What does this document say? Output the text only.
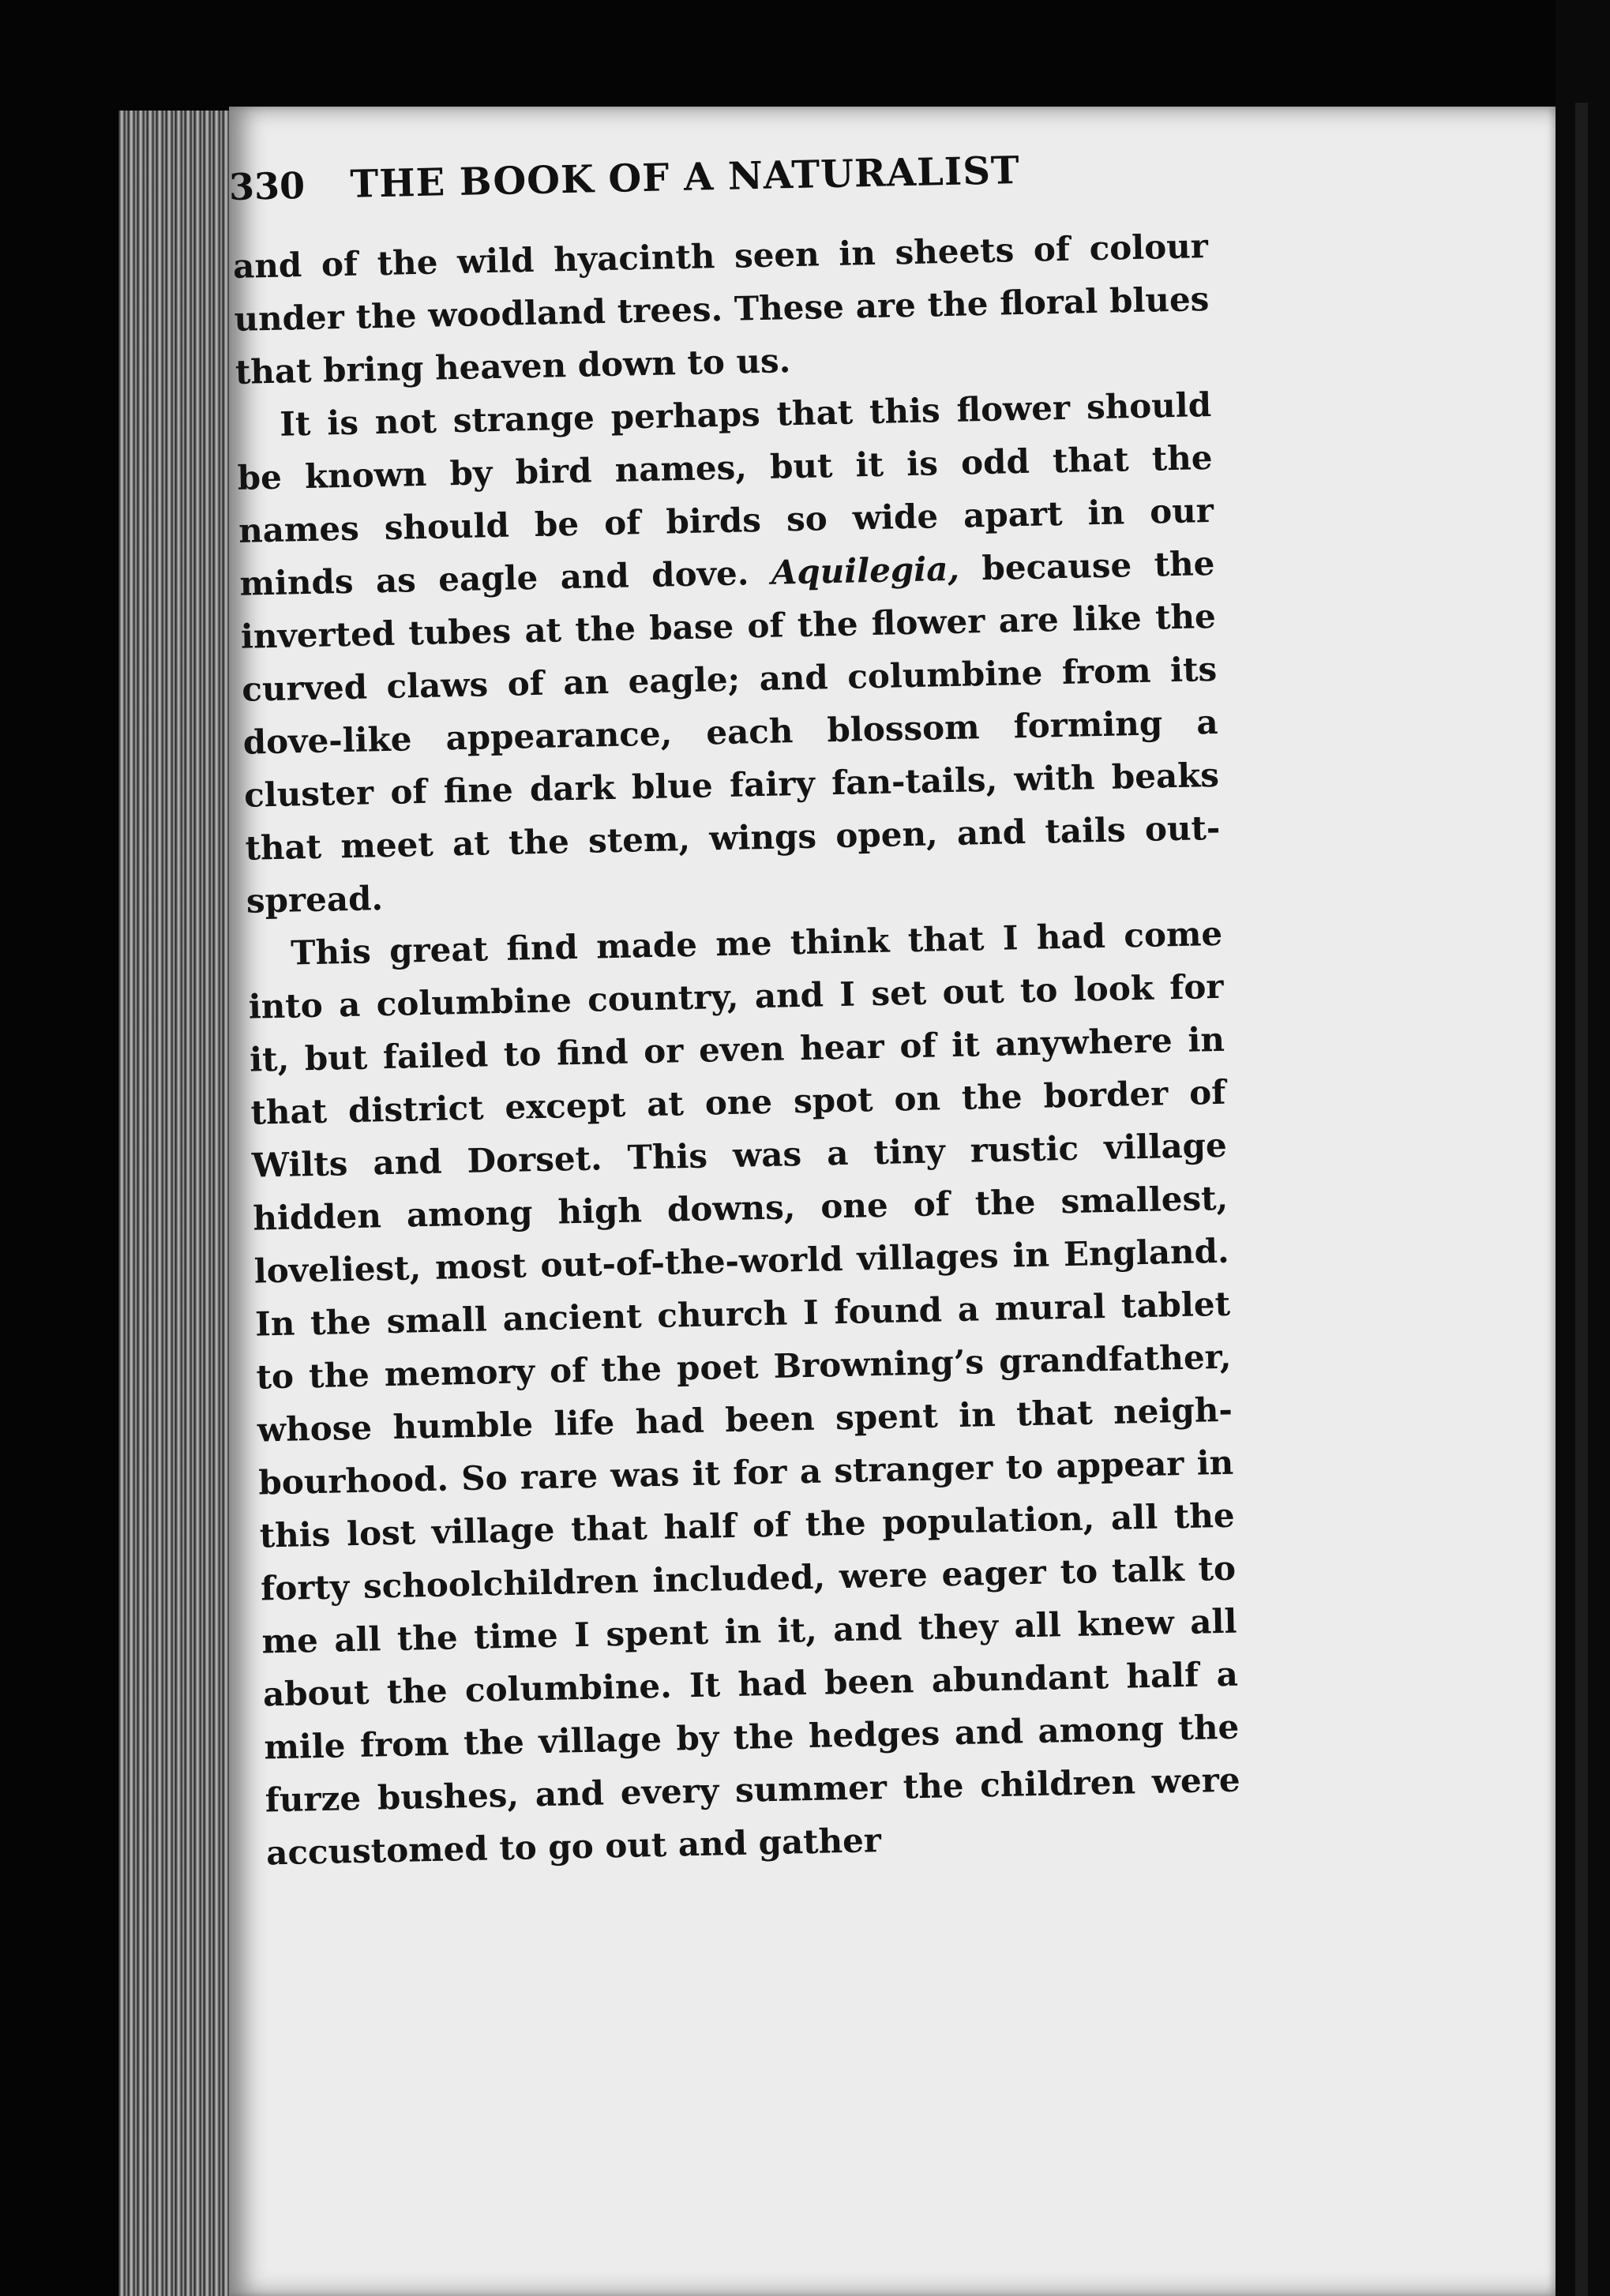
330 THE BOOK OF A NATURALIST

and of the wild hyacinth seen in sheets of colour under the woodland trees. These are the floral blues that bring heaven down to us.

It is not strange perhaps that this flower should be known by bird names, but it is odd that the names should be of birds so wide apart in our minds as eagle and dove. Aquilegia, because the inverted tubes at the base of the flower are like the curved claws of an eagle; and columbine from its dove-like appearance, each blossom forming a cluster of fine dark blue fairy fan-tails, with beaks that meet at the stem, wings open, and tails out-spread.

This great find made me think that I had come into a columbine country, and I set out to look for it, but failed to find or even hear of it anywhere in that district except at one spot on the border of Wilts and Dorset. This was a tiny rustic village hidden among high downs, one of the smallest, loveliest, most out-of-the-world villages in England. In the small ancient church I found a mural tablet to the memory of the poet Browning’s grandfather, whose humble life had been spent in that neigh-bourhood. So rare was it for a stranger to appear in this lost village that half of the population, all the forty schoolchildren included, were eager to talk to me all the time I spent in it, and they all knew all about the columbine. It had been abundant half a mile from the village by the hedges and among the furze bushes, and every summer the children were accustomed to go out and gather
